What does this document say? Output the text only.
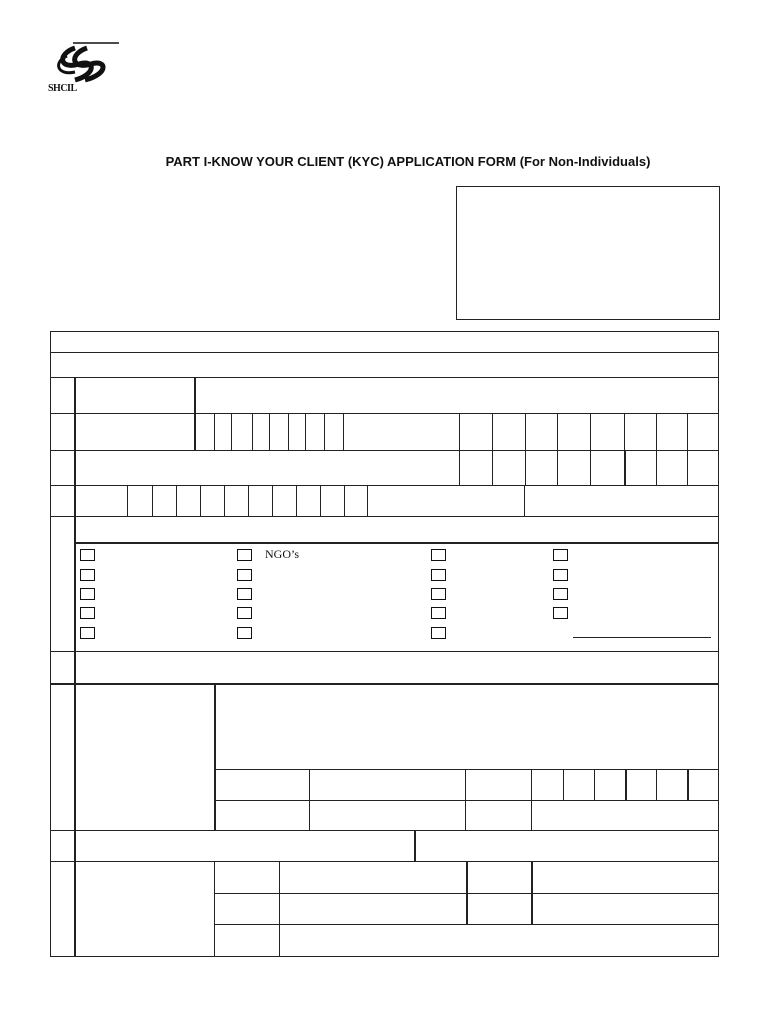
SHCIL
PART I-KNOW YOUR CLIENT (KYC) APPLICATION FORM (For Non-Individuals)
NGO’s
